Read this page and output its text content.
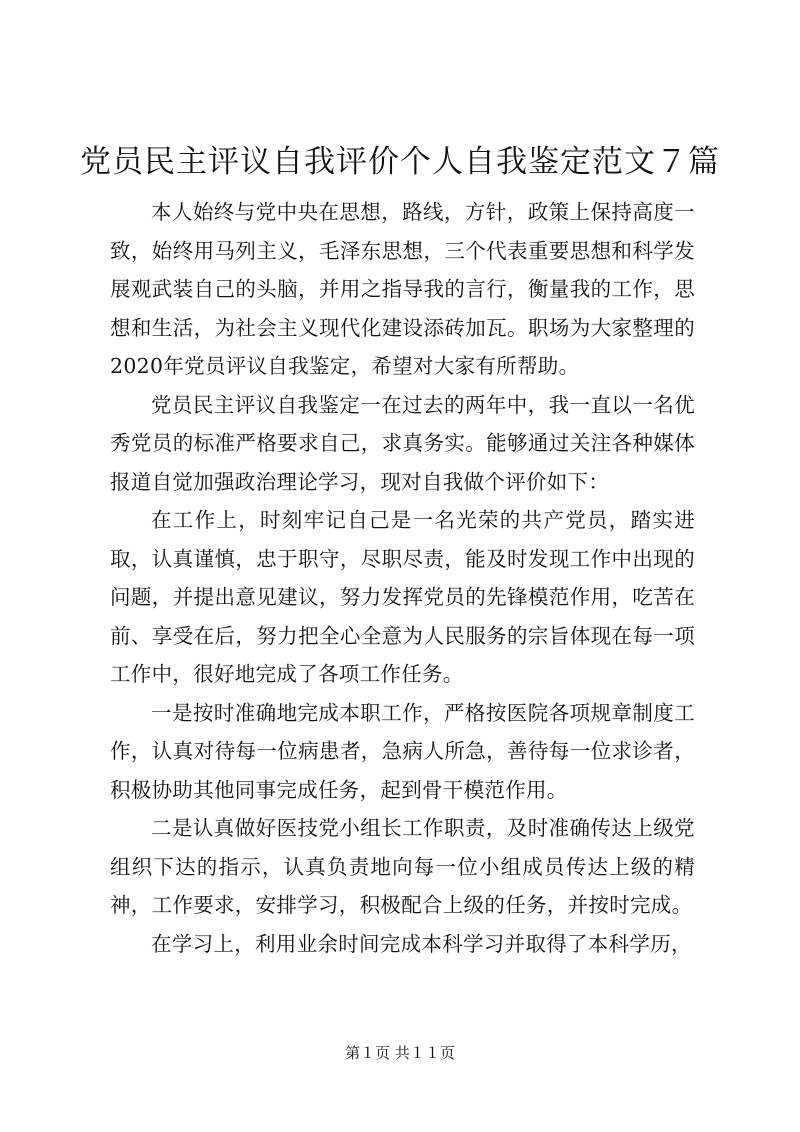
党员民主评议自我评价个人自我鉴定范文７篇

本人始终与党中央在思想，路线，方针，政策上保持高度一致，始终用马列主义，毛泽东思想，三个代表重要思想和科学发展观武装自己的头脑，并用之指导我的言行，衡量我的工作，思想和生活，为社会主义现代化建设添砖加瓦。职场为大家整理的2020年党员评议自我鉴定，希望对大家有所帮助。

党员民主评议自我鉴定一在过去的两年中，我一直以一名优秀党员的标准严格要求自己，求真务实。能够通过关注各种媒体报道自觉加强政治理论学习，现对自我做个评价如下：

在工作上，时刻牢记自己是一名光荣的共产党员，踏实进取，认真谨慎，忠于职守，尽职尽责，能及时发现工作中出现的问题，并提出意见建议，努力发挥党员的先锋模范作用，吃苦在前、享受在后，努力把全心全意为人民服务的宗旨体现在每一项工作中，很好地完成了各项工作任务。

一是按时准确地完成本职工作，严格按医院各项规章制度工作，认真对待每一位病患者，急病人所急，善待每一位求诊者，积极协助其他同事完成任务，起到骨干模范作用。

二是认真做好医技党小组长工作职责，及时准确传达上级党组织下达的指示，认真负责地向每一位小组成员传达上级的精神，工作要求，安排学习，积极配合上级的任务，并按时完成。

在学习上，利用业余时间完成本科学习并取得了本科学历，

第１页 共１１页
